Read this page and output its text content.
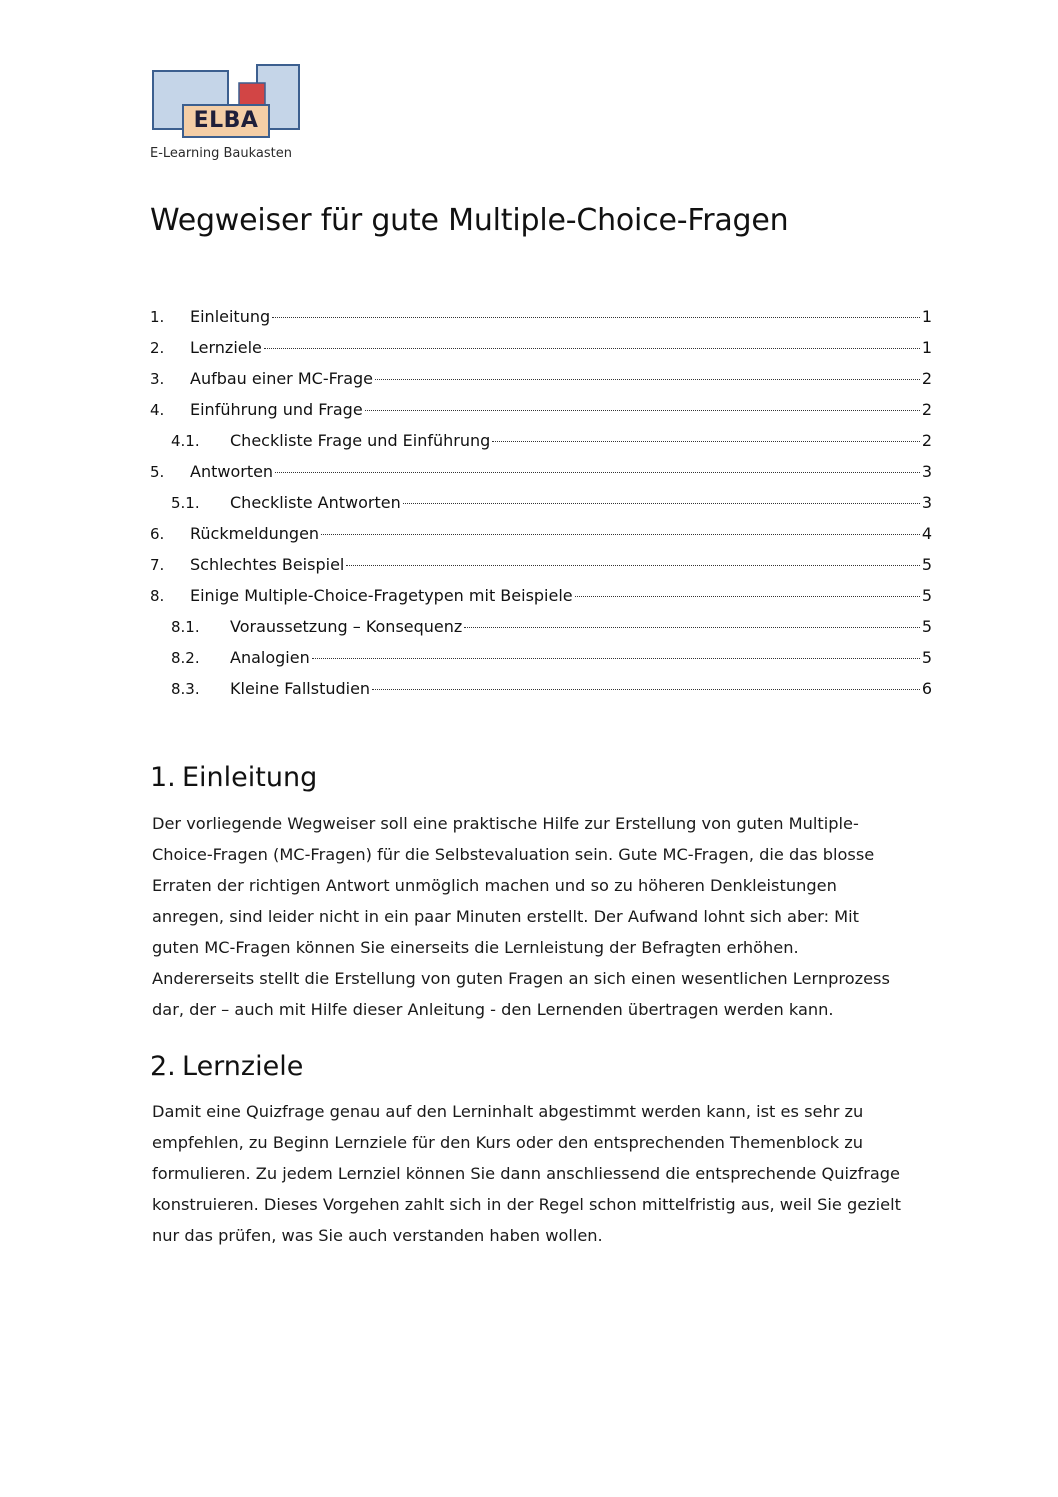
ELBA
E-Learning Baukasten
Wegweiser für gute Multiple-Choice-Fragen
1.	Einleitung	1
2.	Lernziele	1
3.	Aufbau einer MC-Frage	2
4.	Einführung und Frage	2
4.1.	Checkliste Frage und Einführung	2
5.	Antworten	3
5.1.	Checkliste Antworten	3
6.	Rückmeldungen	4
7.	Schlechtes Beispiel	5
8.	Einige Multiple-Choice-Fragetypen mit Beispiele	5
8.1.	Voraussetzung – Konsequenz	5
8.2.	Analogien	5
8.3.	Kleine Fallstudien	6
1. Einleitung

Der vorliegende Wegweiser soll eine praktische Hilfe zur Erstellung von guten Multiple-
Choice-Fragen (MC-Fragen) für die Selbstevaluation sein. Gute MC-Fragen, die das blosse
Erraten der richtigen Antwort unmöglich machen und so zu höheren Denkleistungen
anregen, sind leider nicht in ein paar Minuten erstellt. Der Aufwand lohnt sich aber: Mit
guten MC-Fragen können Sie einerseits die Lernleistung der Befragten erhöhen.
Andererseits stellt die Erstellung von guten Fragen an sich einen wesentlichen Lernprozess
dar, der – auch mit Hilfe dieser Anleitung - den Lernenden übertragen werden kann.

2. Lernziele

Damit eine Quizfrage genau auf den Lerninhalt abgestimmt werden kann, ist es sehr zu
empfehlen, zu Beginn Lernziele für den Kurs oder den entsprechenden Themenblock zu
formulieren. Zu jedem Lernziel können Sie dann anschliessend die entsprechende Quizfrage
konstruieren. Dieses Vorgehen zahlt sich in der Regel schon mittelfristig aus, weil Sie gezielt
nur das prüfen, was Sie auch verstanden haben wollen.
